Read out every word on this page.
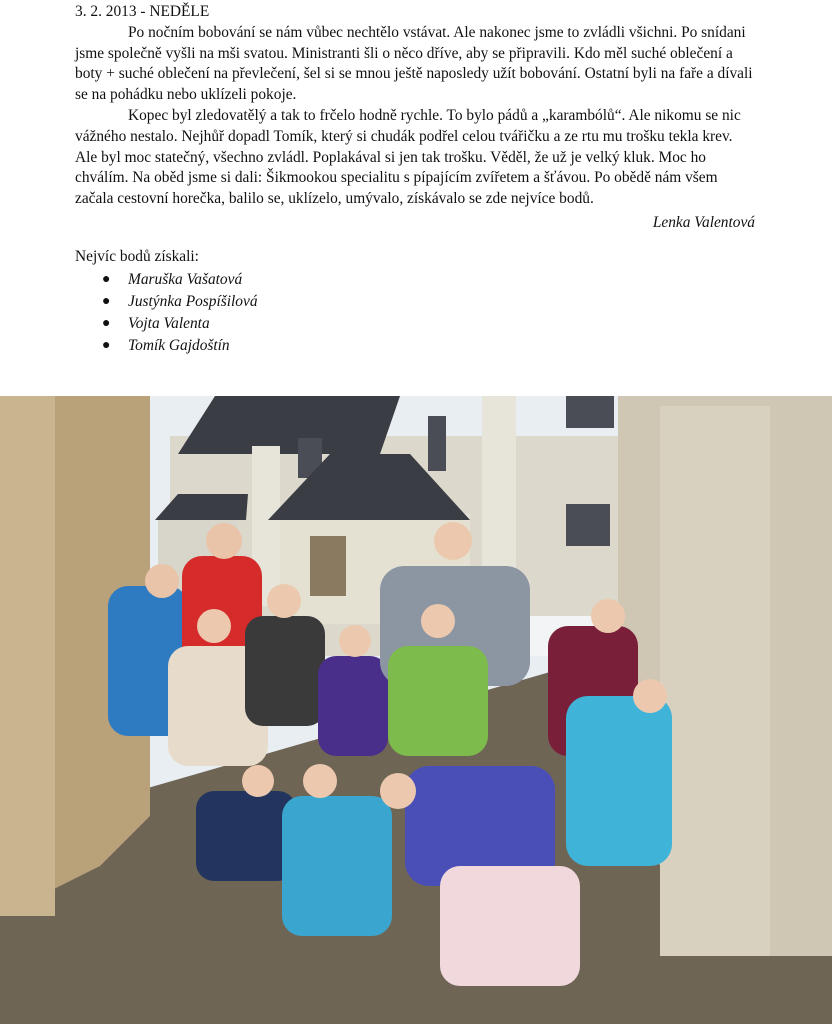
3. 2. 2013 - NEDĚLE

Po nočním bobování se nám vůbec nechtělo vstávat. Ale nakonec jsme to zvládli všichni. Po snídani jsme společně vyšli na mši svatou. Ministranti šli o něco dříve, aby se připravili. Kdo měl suché oblečení a boty + suché oblečení na převlečení, šel si se mnou ještě naposledy užít bobování. Ostatní byli na faře a dívali se na pohádku nebo uklízeli pokoje.

Kopec byl zledovatělý a tak to frčelo hodně rychle. To bylo pádů a „karambólů“. Ale nikomu se nic vážného nestalo. Nejhůř dopadl Tomík, který si chudák podřel celou tvářičku a ze rtu mu trošku tekla krev. Ale byl moc statečný, všechno zvládl. Poplakával si jen tak trošku. Věděl, že už je velký kluk. Moc ho chválím. Na oběd jsme si dali: Šikmookou specialitu s pípajícím zvířetem a šťávou. Po obědě nám všem začala cestovní horečka, balilo se, uklízelo, umývalo, získávalo se zde nejvíce bodů.

Lenka Valentová
Nejvíc bodů získali:
● Maruška Vašatová
● Justýnka Pospíšilová
● Vojta Valenta
● Tomík Gajdoštín
